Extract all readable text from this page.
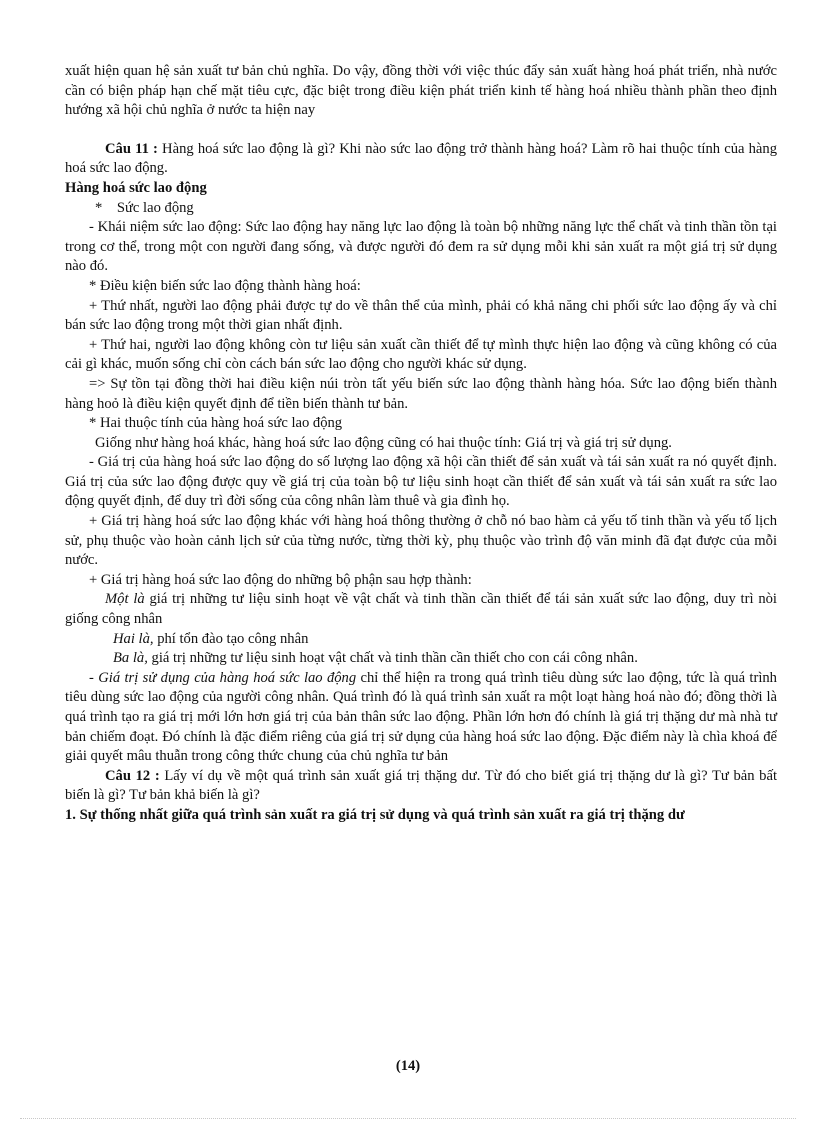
xuất hiện quan hệ sản xuất tư bản chủ nghĩa. Do vậy, đồng thời với việc thúc đẩy sản xuất hàng hoá phát triển, nhà nước cần có biện pháp hạn chế mặt tiêu cực, đặc biệt trong điều kiện phát triển kinh tế hàng hoá nhiều thành phần theo định hướng xã hội chủ nghĩa ở nước ta hiện nay

Câu 11 : Hàng hoá sức lao động là gì? Khi nào sức lao động trở thành hàng hoá? Làm rõ hai thuộc tính của hàng hoá sức lao động.

Hàng hoá sức lao động

*    Sức lao động

- Khái niệm sức lao động: Sức lao động hay năng lực lao động là toàn bộ những năng lực thể chất và tinh thần tồn tại trong cơ thể, trong một con người đang sống, và được người đó đem ra sử dụng mỗi khi sản xuất ra một giá trị sử dụng nào đó.

* Điều kiện biến sức lao động thành hàng hoá:

+ Thứ nhất, người lao động phải được tự do về thân thể của mình, phải có khả năng chi phối sức lao động ấy và chỉ bán sức lao động trong một thời gian nhất định.

+ Thứ hai, người lao động không còn tư liệu sản xuất cần thiết để tự mình thực hiện lao động và cũng không có của cải gì khác, muốn sống chỉ còn cách bán sức lao động cho người khác sử dụng.

=> Sự tồn tại đồng thời hai điều kiện núi tròn tất yếu biến sức lao động thành hàng hóa. Sức lao động biến thành hàng hoỏ là điều kiện quyết định để tiền biến thành tư bản.

* Hai thuộc tính của hàng hoá sức lao động

Giống như hàng hoá khác, hàng hoá sức lao động cũng có hai thuộc tính: Giá trị và giá trị sử dụng.

- Giá trị của hàng hoá sức lao động do số lượng lao động xã hội cần thiết để sản xuất và tái sản xuất ra nó quyết định. Giá trị của sức lao động được quy về giá trị của toàn bộ tư liệu sinh hoạt cần thiết để sản xuất và tái sản xuất ra sức lao động quyết định, để duy trì đời sống của công nhân làm thuê và gia đình họ.

+ Giá trị hàng hoá sức lao động khác với hàng hoá thông thường ở chỗ nó bao hàm cả yếu tố tinh thần và yếu tố lịch sử, phụ thuộc vào hoàn cảnh lịch sử của từng nước, từng thời kỳ, phụ thuộc vào trình độ văn minh đã đạt được của mỗi nước.

+ Giá trị hàng hoá sức lao động do những bộ phận sau hợp thành:

Một là giá trị những tư liệu sinh hoạt về vật chất và tinh thần cần thiết để tái sản xuất sức lao động, duy trì nòi giống công nhân

Hai là, phí tổn đào tạo công nhân

Ba là, giá trị những tư liệu sinh hoạt vật chất và tinh thần cần thiết cho con cái công nhân.

- Giá trị sử dụng của hàng hoá sức lao động chỉ thể hiện ra trong quá trình tiêu dùng sức lao động, tức là quá trình tiêu dùng sức lao động của người công nhân. Quá trình đó là quá trình sản xuất ra một loạt hàng hoá nào đó; đồng thời là quá trình tạo ra giá trị mới lớn hơn giá trị của bản thân sức lao động. Phần lớn hơn đó chính là giá trị thặng dư mà nhà tư bản chiếm đoạt. Đó chính là đặc điểm riêng của giá trị sử dụng của hàng hoá sức lao động. Đặc điểm này là chìa khoá để giải quyết mâu thuẫn trong công thức chung của chủ nghĩa tư bản

Câu 12 : Lấy ví dụ về một quá trình sản xuất giá trị thặng dư. Từ đó cho biết giá trị thặng dư là gì? Tư bản bất biến là gì? Tư bản khả biến là gì?

1. Sự thống nhất giữa quá trình sản xuất ra giá trị sử dụng và quá trình sản xuất ra giá trị thặng dư

(14)
